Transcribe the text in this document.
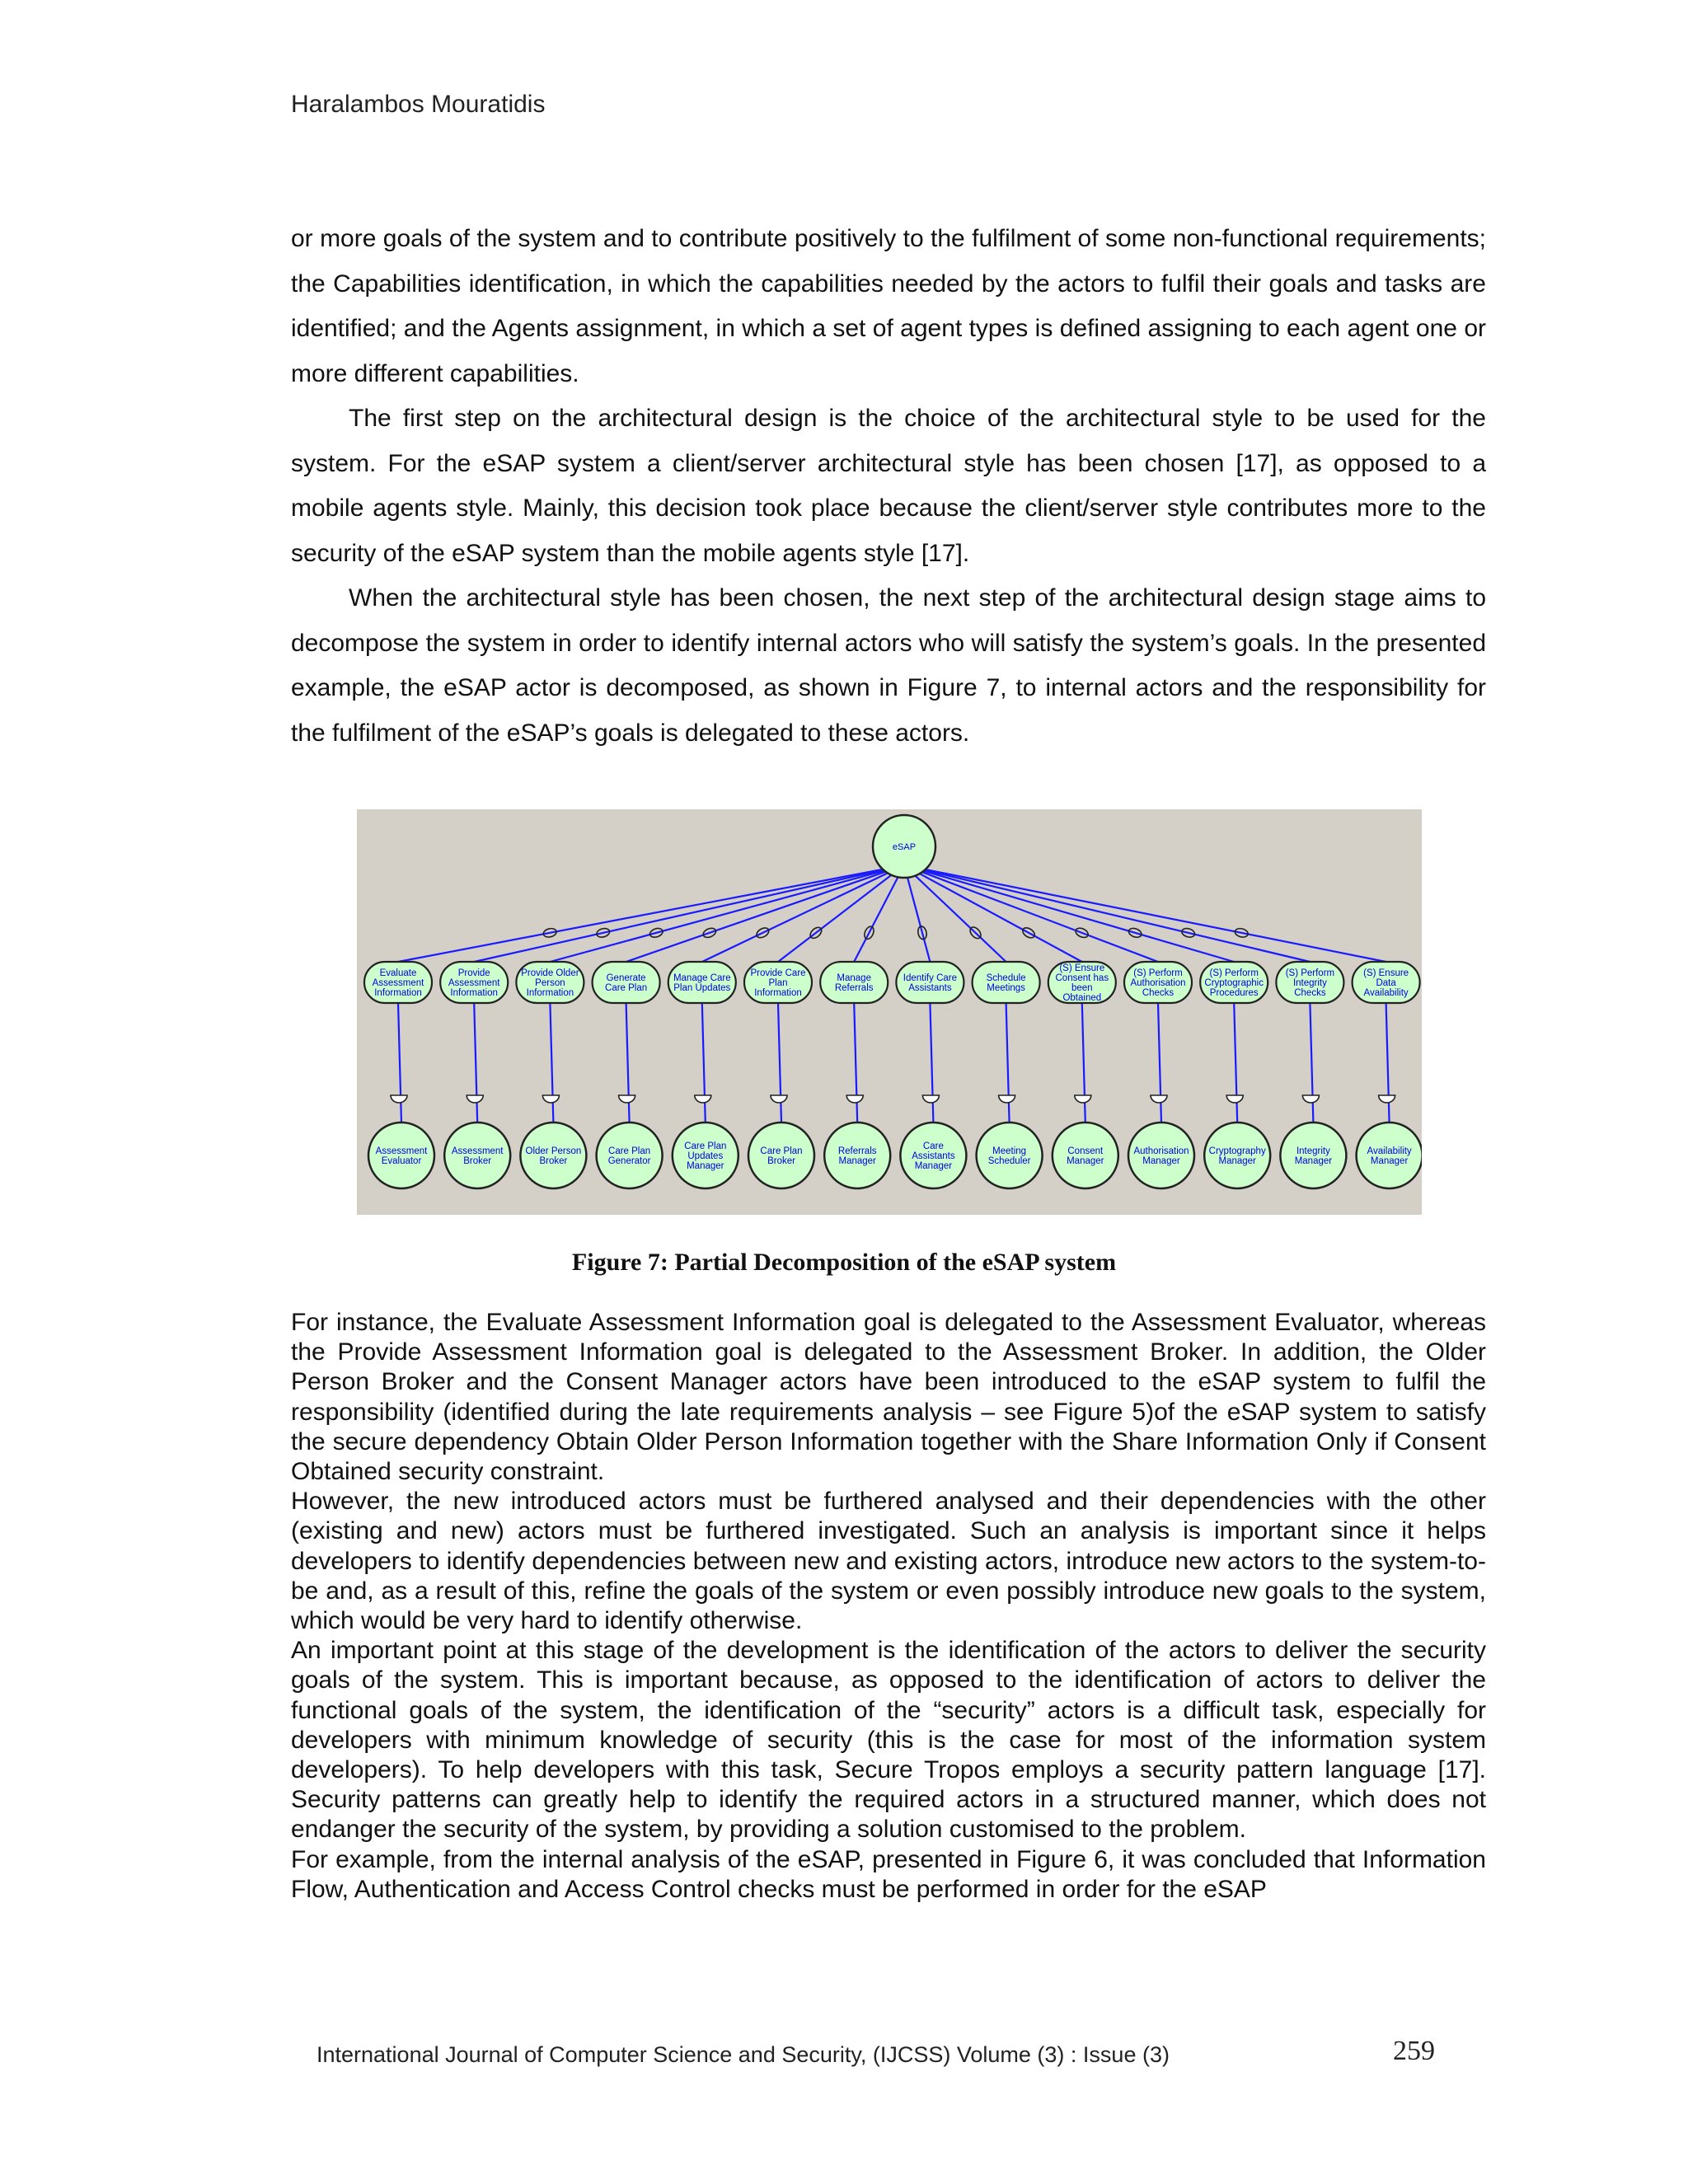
Haralambos Mouratidis

or more goals of the system and to contribute positively to the fulfilment of some non-functional requirements; the Capabilities identification, in which the capabilities needed by the actors to fulfil their goals and tasks are identified; and the Agents assignment, in which a set of agent types is defined assigning to each agent one or more different capabilities.

The first step on the architectural design is the choice of the architectural style to be used for the system. For the eSAP system a client/server architectural style has been chosen [17], as opposed to a mobile agents style. Mainly, this decision took place because the client/server style contributes more to the security of the eSAP system than the mobile agents style [17].

When the architectural style has been chosen, the next step of the architectural design stage aims to decompose the system in order to identify internal actors who will satisfy the system’s goals. In the presented example, the eSAP actor is decomposed, as shown in Figure 7, to internal actors and the responsibility for the fulfilment of the eSAP’s goals is delegated to these actors.

eSAP
Evaluate Assessment Information
Provide Assessment Information
Provide Older Person Information
Generate Care Plan
Manage Care Plan Updates
Provide Care Plan Information
Manage Referrals
Identify Care Assistants
Schedule Meetings
(S) Ensure Consent has been Obtained
(S) Perform Authorisation Checks
(S) Perform Cryptographic Procedures
(S) Perform Integrity Checks
(S) Ensure Data Availability
Assessment Evaluator
Assessment Broker
Older Person Broker
Care Plan Generator
Care Plan Updates Manager
Care Plan Broker
Referrals Manager
Care Assistants Manager
Meeting Scheduler
Consent Manager
Authorisation Manager
Cryptography Manager
Integrity Manager
Availability Manager
Figure 7: Partial Decomposition of the eSAP system

For instance, the Evaluate Assessment Information goal is delegated to the Assessment Evaluator, whereas the Provide Assessment Information goal is delegated to the Assessment Broker. In addition, the Older Person Broker and the Consent Manager actors have been introduced to the eSAP system to fulfil the responsibility (identified during the late requirements analysis – see Figure 5)of the eSAP system to satisfy the secure dependency Obtain Older Person Information together with the Share Information Only if Consent Obtained security constraint.

However, the new introduced actors must be furthered analysed and their dependencies with the other (existing and new) actors must be furthered investigated. Such an analysis is important since it helps developers to identify dependencies between new and existing actors, introduce new actors to the system-to-be and, as a result of this, refine the goals of the system or even possibly introduce new goals to the system, which would be very hard to identify otherwise.

An important point at this stage of the development is the identification of the actors to deliver the security goals of the system. This is important because, as opposed to the identification of actors to deliver the functional goals of the system, the identification of the “security” actors is a difficult task, especially for developers with minimum knowledge of security (this is the case for most of the information system developers). To help developers with this task, Secure Tropos employs a security pattern language [17]. Security patterns can greatly help to identify the required actors in a structured manner, which does not endanger the security of the system, by providing a solution customised to the problem.

For example, from the internal analysis of the eSAP, presented in Figure 6, it was concluded that Information Flow, Authentication and Access Control checks must be performed in order for the eSAP

International Journal of Computer Science and Security, (IJCSS) Volume (3) : Issue (3)	259
